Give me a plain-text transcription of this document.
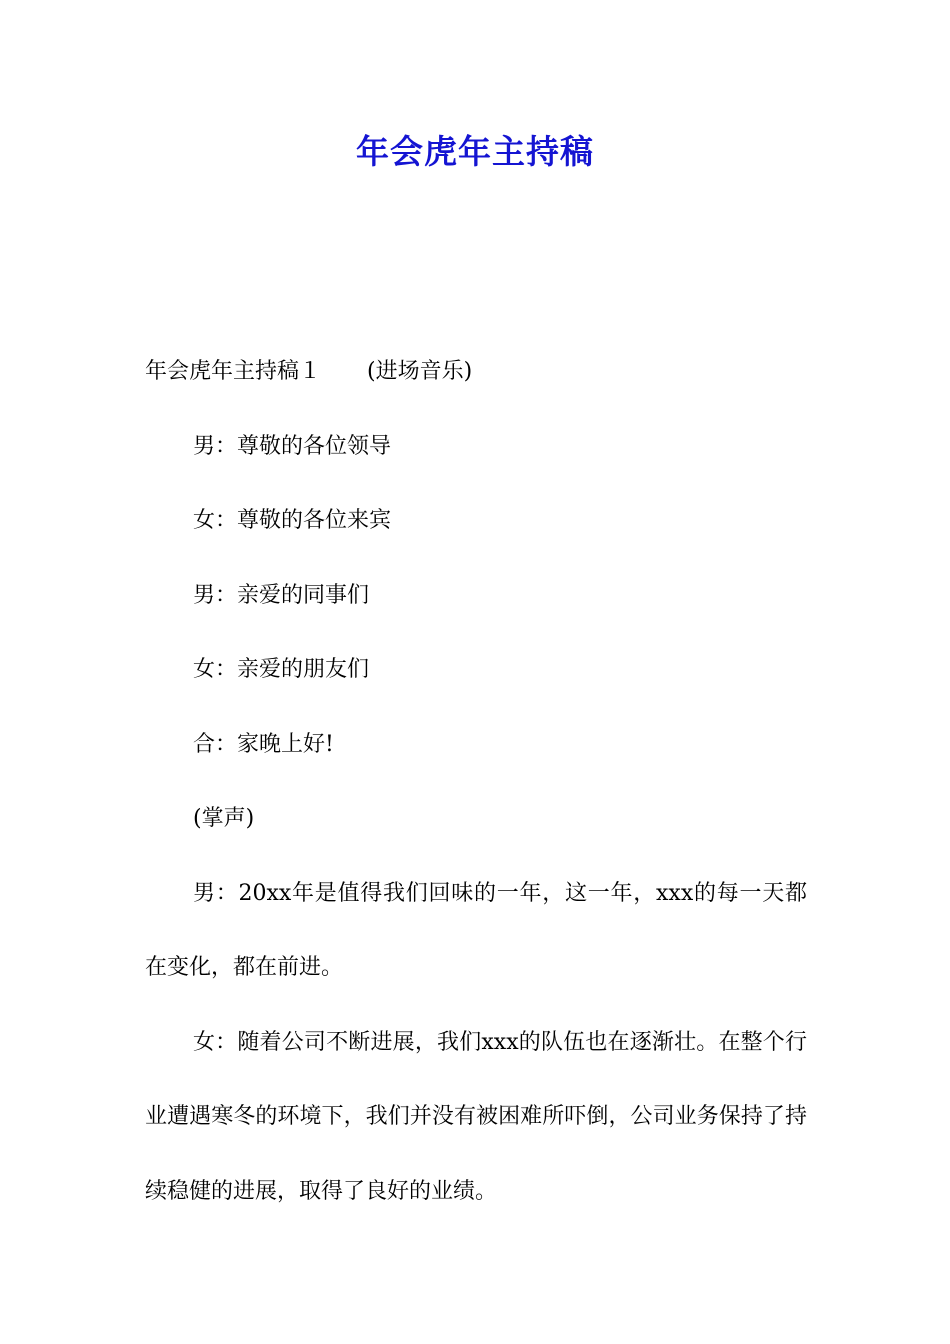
年会虎年主持稿

年会虎年主持稿１ (进场音乐)

男：尊敬的各位领导

女：尊敬的各位来宾

男：亲爱的同事们

女：亲爱的朋友们

合：家晚上好!

(掌声)

男：20xx年是值得我们回味的一年，这一年，xxx的每一天都在变化，都在前进。

女：随着公司不断进展，我们xxx的队伍也在逐渐壮。在整个行业遭遇寒冬的环境下，我们并没有被困难所吓倒，公司业务保持了持续稳健的进展，取得了良好的业绩。
